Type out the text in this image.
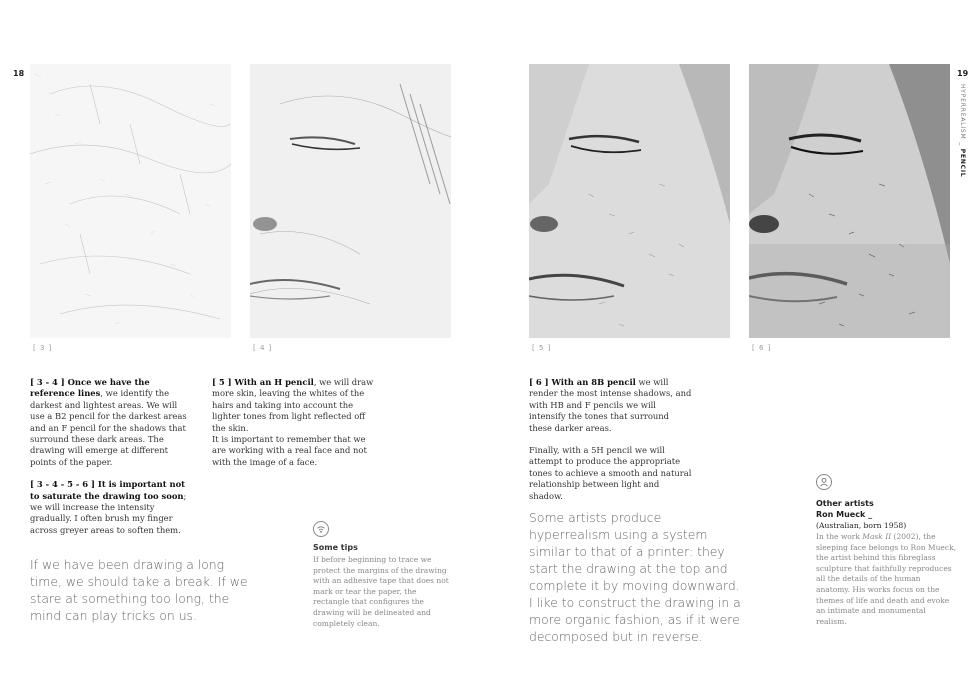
18	19
HYPERREALISM _ PENCIL
[ 3 ]	[ 4 ]	[ 5 ]	[ 6 ]

[ 3 - 4 ] Once we have the reference lines, we identify the darkest and lightest areas. We will use a B2 pencil for the darkest areas and an F pencil for the shadows that surround these dark areas. The drawing will emerge at different points of the paper.

[ 3 - 4 - 5 - 6 ] It is important not to saturate the drawing too soon; we will increase the intensity gradually. I often brush my finger across greyer areas to soften them.

[ 5 ] With an H pencil, we will draw more skin, leaving the whites of the hairs and taking into account the lighter tones from light reflected off the skin.

It is important to remember that we are working with a real face and not with the image of a face.

[ 6 ] With an 8B pencil we will render the most intense shadows, and with HB and F pencils we will intensify the tones that surround these darker areas.

Finally, with a 5H pencil we will attempt to produce the appropriate tones to achieve a smooth and natural relationship between light and shadow.

If we have been drawing a long time, we should take a break. If we stare at something too long, the mind can play tricks on us.
Some artists produce hyperrealism using a system similar to that of a printer: they start the drawing at the top and complete it by moving downward. I like to construct the drawing in a more organic fashion, as if it were decomposed but in reverse.
Some tips
If before beginning to trace we protect the margins of the drawing with an adhesive tape that does not mark or tear the paper, the rectangle that configures the drawing will be delineated and completely clean.
Other artists
Ron Mueck _
(Australian, born 1958)
In the work Mask II (2002), the sleeping face belongs to Ron Mueck, the artist behind this fibreglass sculpture that faithfully reproduces all the details of the human anatomy. His works focus on the themes of life and death and evoke an intimate and monumental realism.
